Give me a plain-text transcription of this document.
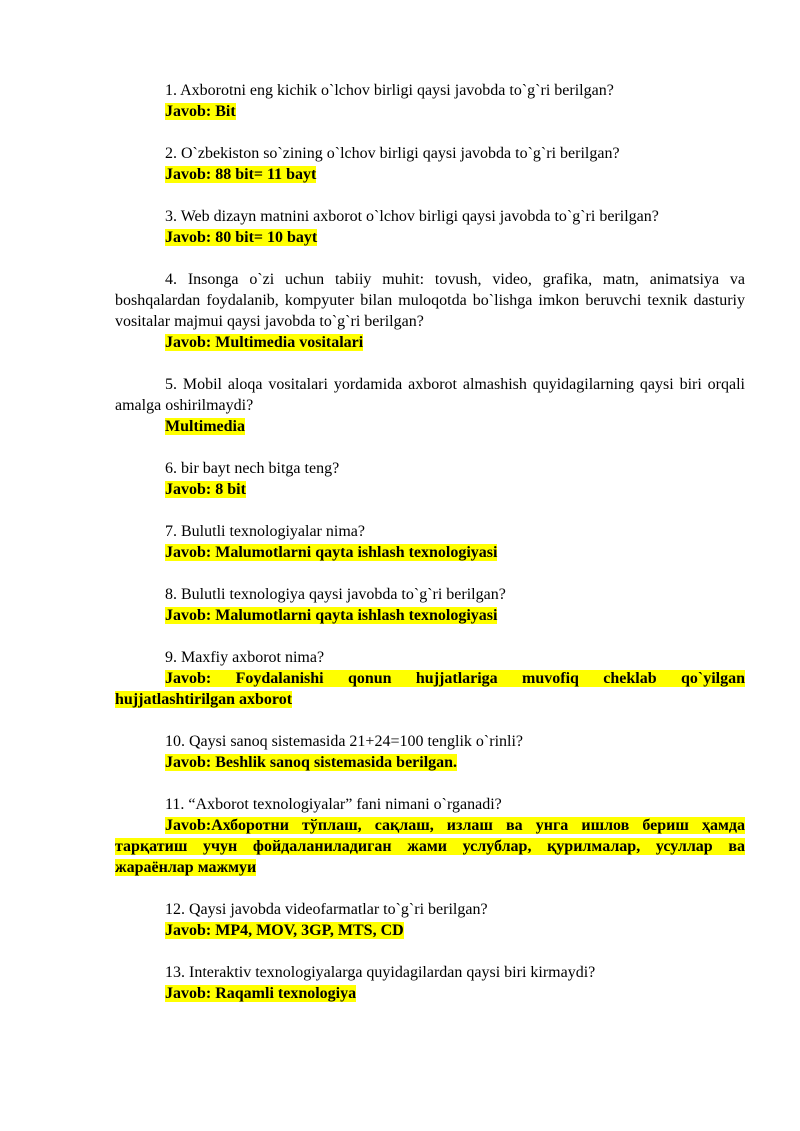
1. Axborotni eng kichik o`lchov birligi qaysi javobda to`g`ri berilgan?

Javob: Bit

2. O`zbekiston so`zining o`lchov birligi qaysi javobda to`g`ri berilgan?

Javob: 88 bit= 11 bayt

3. Web dizayn matnini axborot o`lchov birligi qaysi javobda to`g`ri berilgan?

Javob: 80 bit= 10 bayt

4. Insonga o`zi uchun tabiiy muhit: tovush, video, grafika, matn, animatsiya va boshqalardan foydalanib, kompyuter bilan muloqotda bo`lishga imkon beruvchi texnik dasturiy vositalar majmui qaysi javobda to`g`ri berilgan?

Javob: Multimedia vositalari

5. Mobil aloqa vositalari yordamida axborot almashish quyidagilarning qaysi biri orqali amalga oshirilmaydi?

Multimedia

6. bir bayt nech bitga teng?

Javob: 8 bit

7. Bulutli texnologiyalar nima?

Javob: Malumotlarni qayta ishlash texnologiyasi

8. Bulutli texnologiya qaysi javobda to`g`ri berilgan?

Javob: Malumotlarni qayta ishlash texnologiyasi

9. Maxfiy axborot nima?

Javob: Foydalanishi qonun hujjatlariga muvofiq cheklab qo`yilgan hujjatlashtirilgan axborot

10. Qaysi sanoq sistemasida 21+24=100 tenglik o`rinli?

Javob: Beshlik sanoq sistemasida berilgan.

11. “Axborot texnologiyalar” fani nimani o`rganadi?

Javob:Ахборотни тўплаш, сақлаш, излаш ва унга ишлов бериш ҳамда тарқатиш учун фойдаланиладиган жами услублар, қурилмалар, усуллар ва жараёнлар мажмуи

12. Qaysi javobda videofarmatlar to`g`ri berilgan?

Javob: MP4, MOV, 3GP, MTS, CD

13. Interaktiv texnologiyalarga quyidagilardan qaysi biri kirmaydi?

Javob: Raqamli texnologiya
